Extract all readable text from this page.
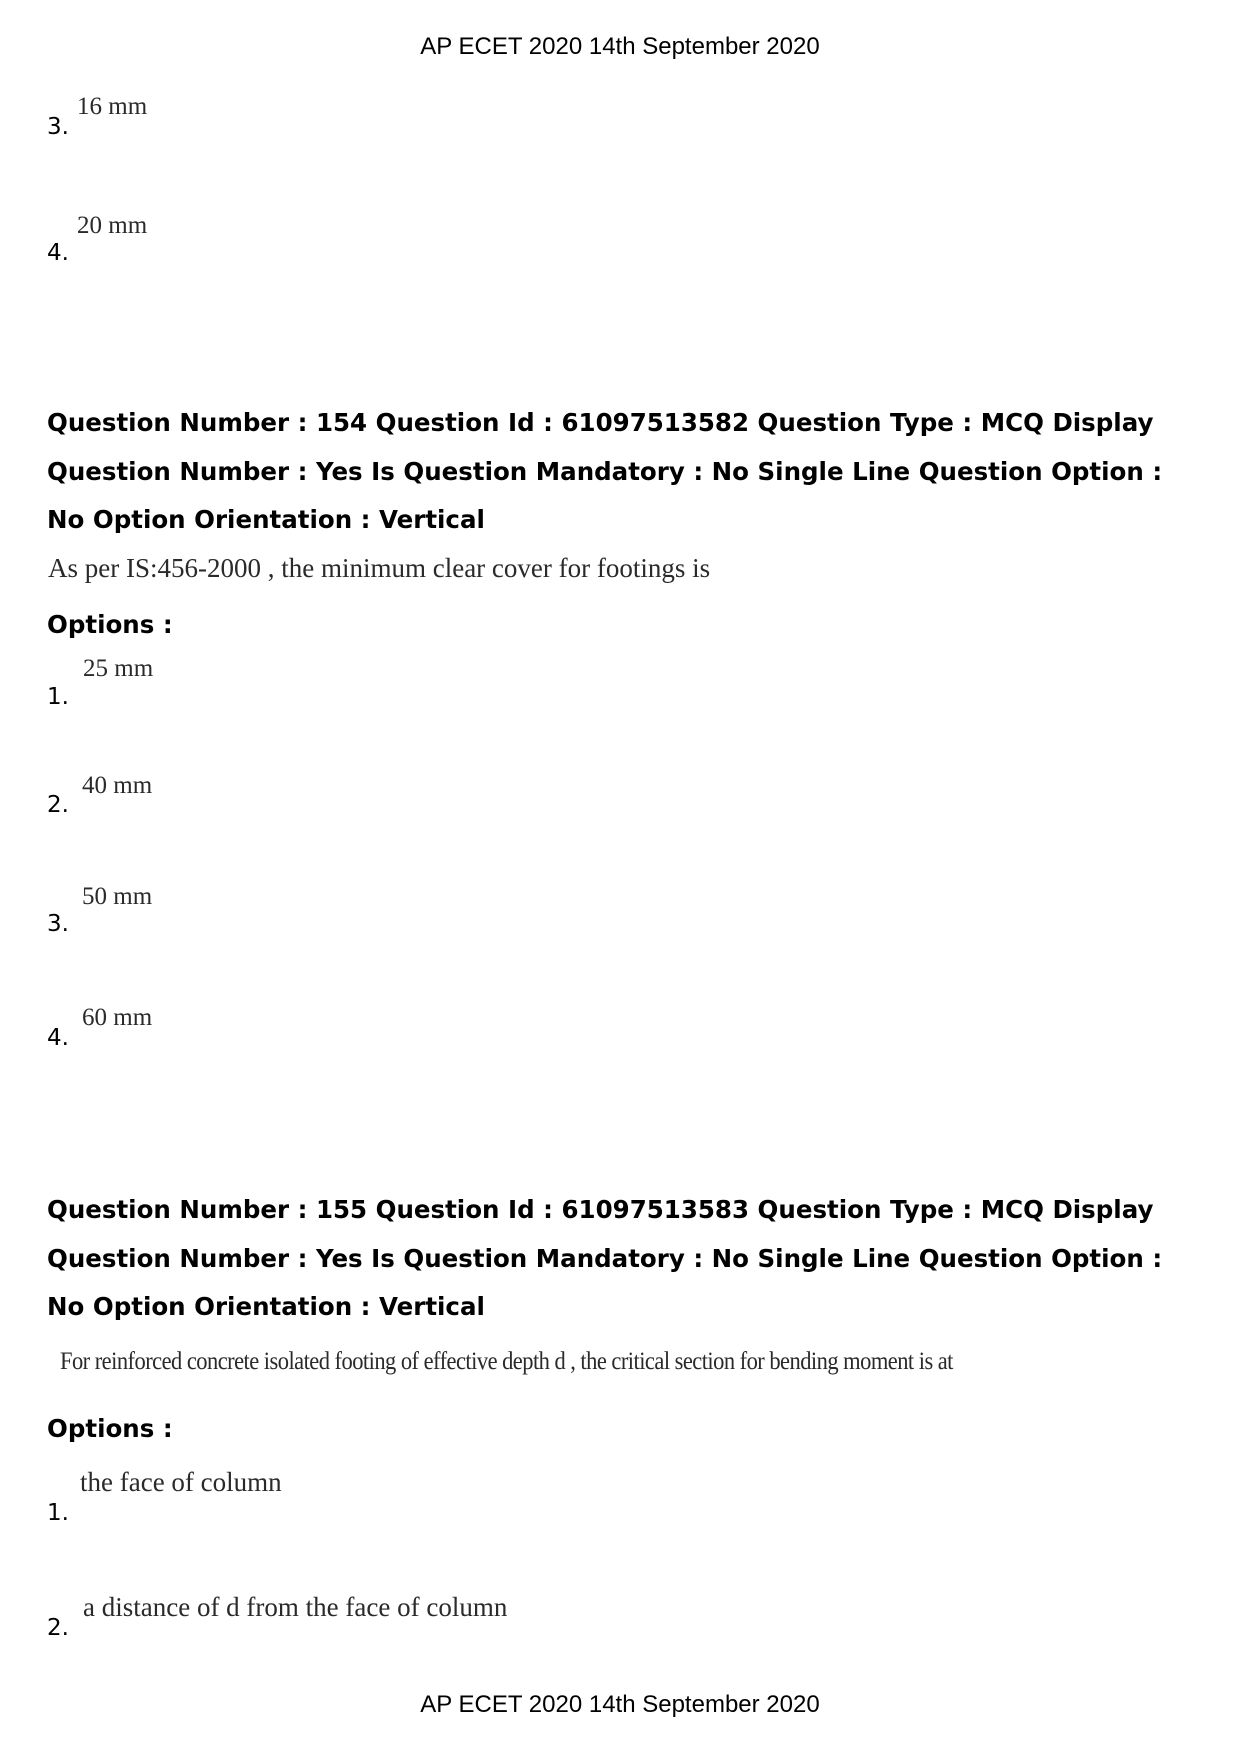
AP ECET 2020 14th September 2020
3.
16 mm
4.
20 mm

Question Number : 154 Question Id : 61097513582 Question Type : MCQ Display Question Number : Yes Is Question Mandatory : No Single Line Question Option : No Option Orientation : Vertical

As per IS:456-2000 , the minimum clear cover for footings is
Options :
1.
25 mm
2.
40 mm
3.
50 mm
4.
60 mm

Question Number : 155 Question Id : 61097513583 Question Type : MCQ Display Question Number : Yes Is Question Mandatory : No Single Line Question Option : No Option Orientation : Vertical

For reinforced concrete isolated footing of effective depth d , the critical section for bending moment is at
Options :
1.
the face of column
2.
a distance of d from the face of column
AP ECET 2020 14th September 2020
